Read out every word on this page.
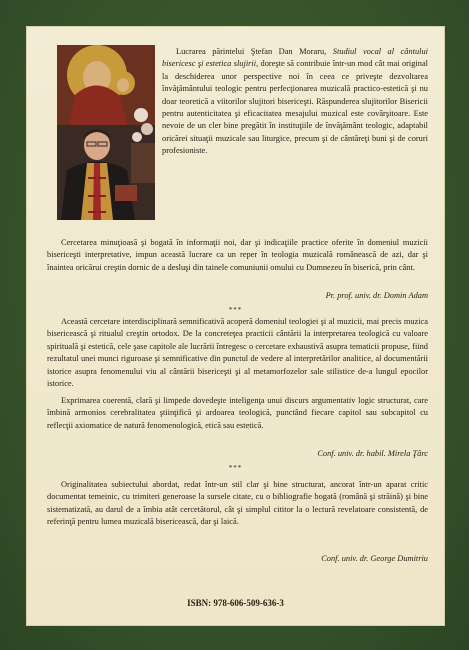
Lucrarea părintelui Ştefan Dan Moraru, Studiul vocal al cântului bisericesc şi estetica slujirii, doreşte să contribuie într-un mod cât mai original la deschiderea unor perspective noi în ceea ce priveşte dezvoltarea învăţământului teologic pentru perfecţionarea muzicală practico-estetică şi nu doar teoretică a viitorilor slujitori bisericeşti. Răspunderea slujitorilor Bisericii pentru autenticitatea şi eficacitatea mesajului muzical este covârşitoare. Este nevoie de un cler bine pregătit în instituţiile de învăţământ teologic, adaptabil oricărei situaţii muzicale sau liturgice, precum şi de cântăreţi buni şi de coruri profesioniste.

Cercetarea minuţioasă şi bogată în informaţii noi, dar şi indicaţiile practice oferite în domeniul muzicii bisericeşti interpretative, impun această lucrare ca un reper în teologia muzicală românească de azi, dar şi înaintea oricărui creştin dornic de a desluşi din tainele comuniunii omului cu Dumnezeu în biserică, prin cânt.

Pr. prof. univ. dr. Domin Adam
***

Această cercetare interdisciplinară semnificativă acoperă domeniul teologiei şi al muzicii, mai precis muzica bisericească şi ritualul creştin ortodox. De la concreteţea practicii cântării la interpretarea teologică cu valoare spirituală şi estetică, cele şase capitole ale lucrării întregesc o cercetare exhaustivă asupra tematicii propuse, fiind rezultatul unei munci riguroase şi semnificative din punctul de vedere al interpretărilor analitice, al documentării istorice asupra fenomenului viu al cântării bisericeşti şi al metamorfozelor sale stilistice de-a lungul epocilor istorice.

Exprimarea coerentă, clară şi limpede dovedeşte inteligenţa unui discurs argumentativ logic structurat, care îmbină armonios cerebralitatea ştiinţifică şi ardoarea teologică, punctând fiecare capitol sau subcapitol cu reflecţii axiomatice de natură fenomenologică, etică sau estetică.

Conf. univ. dr. habil. Mirela Ţârc
***

Originalitatea subiectului abordat, redat într-un stil clar şi bine structurat, ancorat într-un aparat critic documentat temeinic, cu trimiteri generoase la sursele citate, cu o bibliografie bogată (română şi străină) şi bine sistematizată, au darul de a îmbia atât cercetătorul, cât şi simplul cititor la o lectură revelatoare consistentă, de referinţă pentru lumea muzicală bisericească, dar şi laică.

Conf. univ. dr. George Dumitriu
ISBN: 978-606-509-636-3
